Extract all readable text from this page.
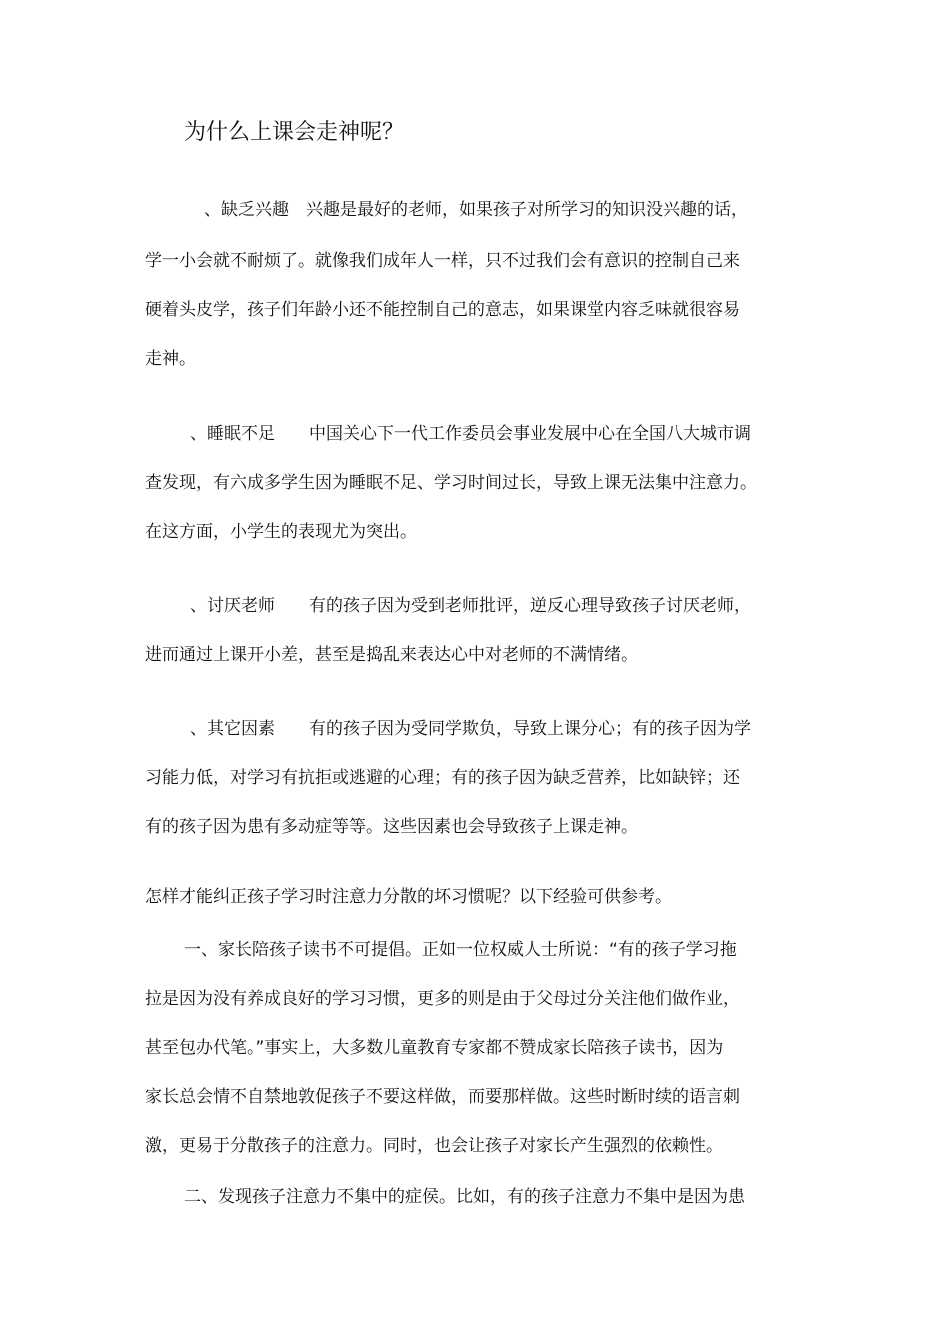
为什么上课会走神呢？
、缺乏兴趣　兴趣是最好的老师，如果孩子对所学习的知识没兴趣的话，
学一小会就不耐烦了。就像我们成年人一样，只不过我们会有意识的控制自己来
硬着头皮学，孩子们年龄小还不能控制自己的意志，如果课堂内容乏味就很容易
走神。
、睡眠不足　　中国关心下一代工作委员会事业发展中心在全国八大城市调
查发现，有六成多学生因为睡眠不足、学习时间过长，导致上课无法集中注意力。
在这方面，小学生的表现尤为突出。
、讨厌老师　　有的孩子因为受到老师批评，逆反心理导致孩子讨厌老师，
进而通过上课开小差，甚至是捣乱来表达心中对老师的不满情绪。
、其它因素　　有的孩子因为受同学欺负，导致上课分心；有的孩子因为学
习能力低，对学习有抗拒或逃避的心理；有的孩子因为缺乏营养，比如缺锌；还
有的孩子因为患有多动症等等。这些因素也会导致孩子上课走神。
怎样才能纠正孩子学习时注意力分散的坏习惯呢？以下经验可供参考。
一、家长陪孩子读书不可提倡。正如一位权威人士所说：“有的孩子学习拖
拉是因为没有养成良好的学习习惯，更多的则是由于父母过分关注他们做作业，
甚至包办代笔。”事实上，大多数儿童教育专家都不赞成家长陪孩子读书，因为
家长总会情不自禁地敦促孩子不要这样做，而要那样做。这些时断时续的语言刺
激，更易于分散孩子的注意力。同时，也会让孩子对家长产生强烈的依赖性。
二、发现孩子注意力不集中的症侯。比如，有的孩子注意力不集中是因为患
